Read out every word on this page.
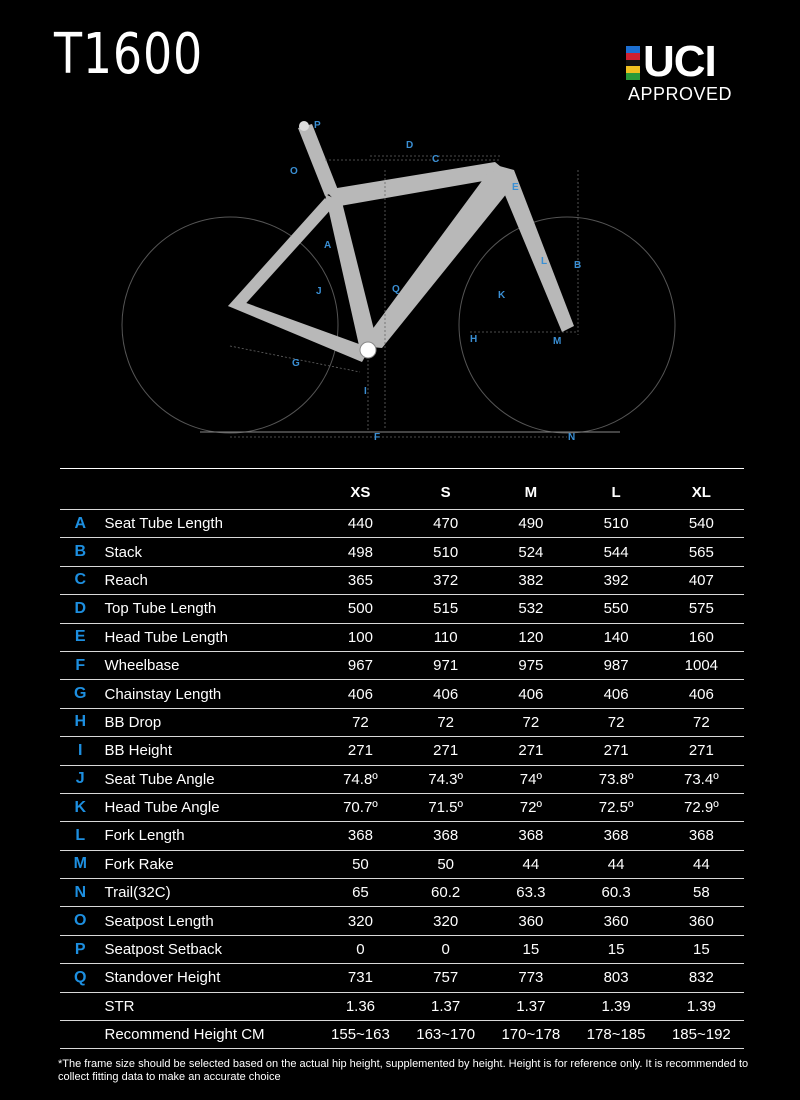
T1600	UCI
APPROVED
P
D
C
O
E
A
B
L
Q
J	K
H	M
G
I
F	N
		XS	S	M	L	XL
A	Seat Tube Length	440	470	490	510	540
B	Stack	498	510	524	544	565
C	Reach	365	372	382	392	407
D	Top Tube Length	500	515	532	550	575
E	Head Tube Length	100	110	120	140	160
F	Wheelbase	967	971	975	987	1004
G	Chainstay Length	406	406	406	406	406
H	BB Drop	72	72	72	72	72
I	BB Height	271	271	271	271	271
J	Seat Tube Angle	74.8º	74.3º	74º	73.8º	73.4º
K	Head Tube Angle	70.7º	71.5º	72º	72.5º	72.9º
L	Fork Length	368	368	368	368	368
M	Fork Rake	50	50	44	44	44
N	Trail(32C)	65	60.2	63.3	60.3	58
O	Seatpost Length	320	320	360	360	360
P	Seatpost Setback	0	0	15	15	15
Q	Standover Height	731	757	773	803	832
	STR	1.36	1.37	1.37	1.39	1.39
	Recommend Height CM	155~163	163~170	170~178	178~185	185~192
*The frame size should be selected based on the actual hip height, supplemented by height. Height is for reference only. It is recommended to collect fitting data to make an accurate choice
